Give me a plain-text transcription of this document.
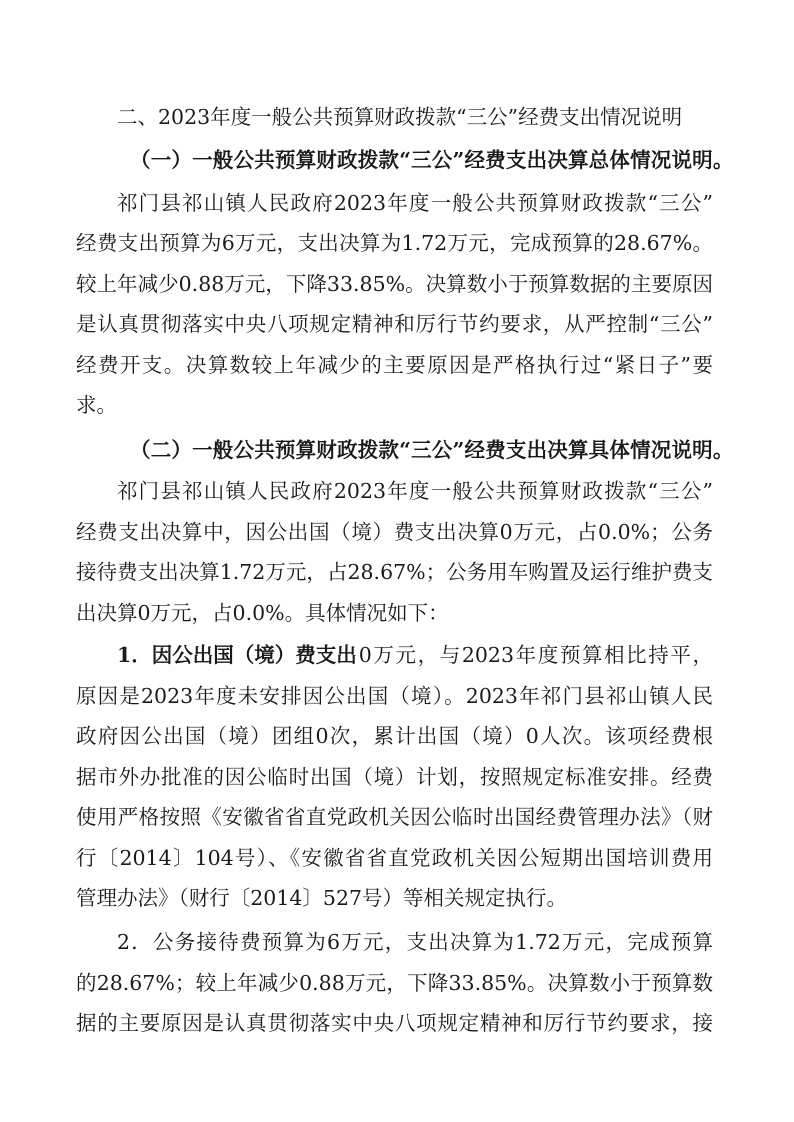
二、2023年度一般公共预算财政拨款“三公”经费支出情况说明
（一）一般公共预算财政拨款“三公”经费支出决算总体情况说明。
祁门县祁山镇人民政府2023年度一般公共预算财政拨款“三公”
经费支出预算为6万元，支出决算为1.72万元，完成预算的28.67%。
较上年减少0.88万元，下降33.85%。决算数小于预算数据的主要原因
是认真贯彻落实中央八项规定精神和厉行节约要求，从严控制“三公”
经费开支。决算数较上年减少的主要原因是严格执行过“紧日子”要
求。
（二）一般公共预算财政拨款“三公”经费支出决算具体情况说明。
祁门县祁山镇人民政府2023年度一般公共预算财政拨款“三公”
经费支出决算中，因公出国（境）费支出决算0万元，占0.0%；公务
接待费支出决算1.72万元，占28.67%；公务用车购置及运行维护费支
出决算0万元，占0.0%。具体情况如下：
1．因公出国（境）费支出 0万元，与2023年度预算相比持平，
原因是2023年度未安排因公出国（境）。2023年祁门县祁山镇人民
政府因公出国（境）团组0次，累计出国（境）0人次。该项经费根
据市外办批准的因公临时出国（境）计划，按照规定标准安排。经费
使用严格按照《安徽省省直党政机关因公临时出国经费管理办法》（财
行〔2014〕104号）、《安徽省省直党政机关因公短期出国培训费用
管理办法》（财行〔2014〕527号）等相关规定执行。
2．公务接待费预算为6万元，支出决算为1.72万元，完成预算
的28.67%；较上年减少0.88万元，下降33.85%。决算数小于预算数
据的主要原因是认真贯彻落实中央八项规定精神和厉行节约要求，接
